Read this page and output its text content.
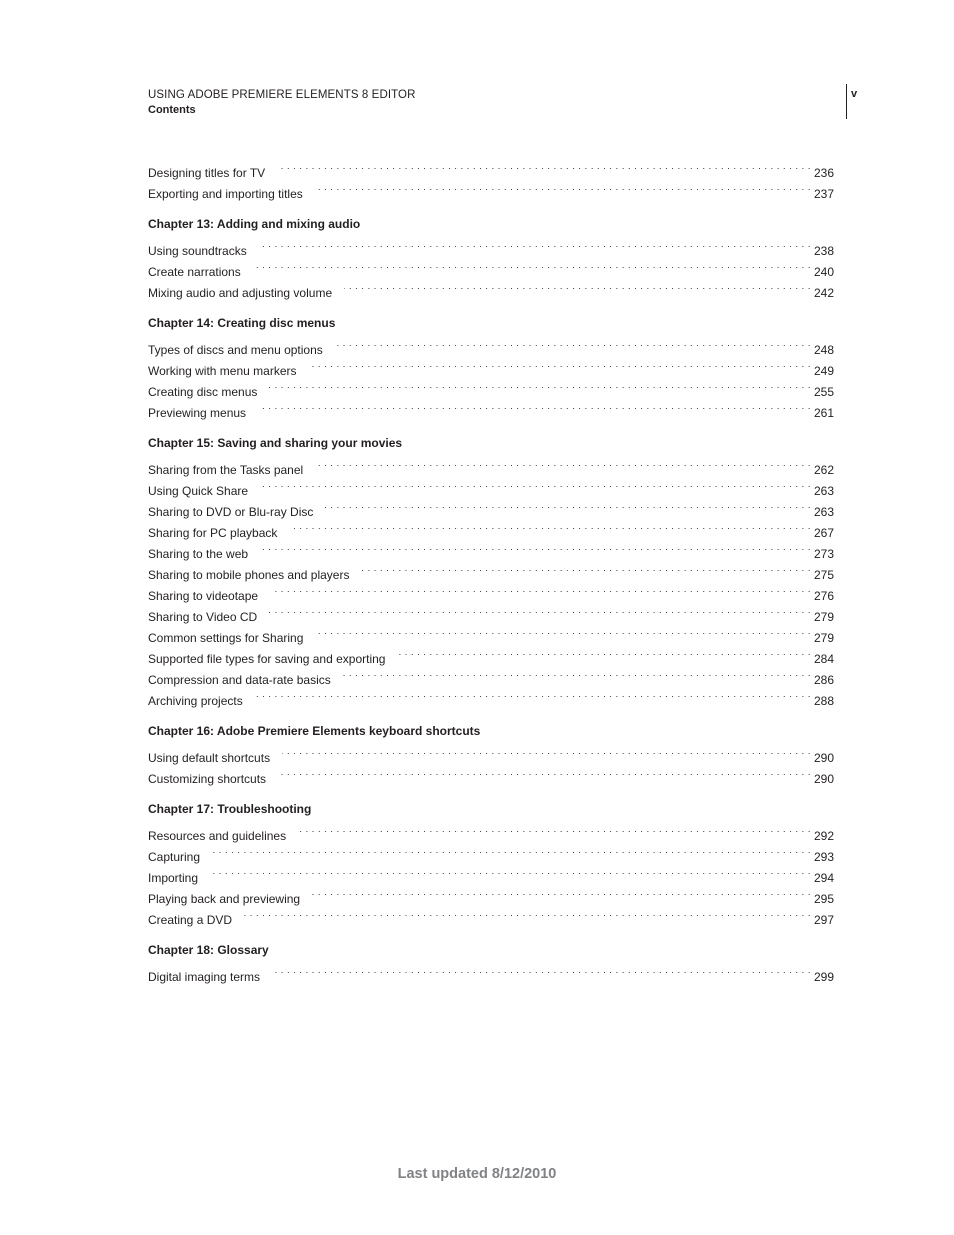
USING ADOBE PREMIERE ELEMENTS 8 EDITOR
Contents
v
Designing titles for TV . . .	236
Exporting and importing titles . . .	237
Chapter 13: Adding and mixing audio
Using soundtracks . . .	238
Create narrations . . .	240
Mixing audio and adjusting volume . . .	242
Chapter 14: Creating disc menus
Types of discs and menu options . . .	248
Working with menu markers . . .	249
Creating disc menus . . .	255
Previewing menus . . .	261
Chapter 15: Saving and sharing your movies
Sharing from the Tasks panel . . .	262
Using Quick Share . . .	263
Sharing to DVD or Blu-ray Disc . . .	263
Sharing for PC playback . . .	267
Sharing to the web . . .	273
Sharing to mobile phones and players . . .	275
Sharing to videotape . . .	276
Sharing to Video CD . . .	279
Common settings for Sharing . . .	279
Supported file types for saving and exporting . . .	284
Compression and data-rate basics . . .	286
Archiving projects . . .	288
Chapter 16: Adobe Premiere Elements keyboard shortcuts
Using default shortcuts . . .	290
Customizing shortcuts . . .	290
Chapter 17: Troubleshooting
Resources and guidelines . . .	292
Capturing . . .	293
Importing . . .	294
Playing back and previewing . . .	295
Creating a DVD . . .	297
Chapter 18: Glossary
Digital imaging terms . . .	299
Last updated 8/12/2010
